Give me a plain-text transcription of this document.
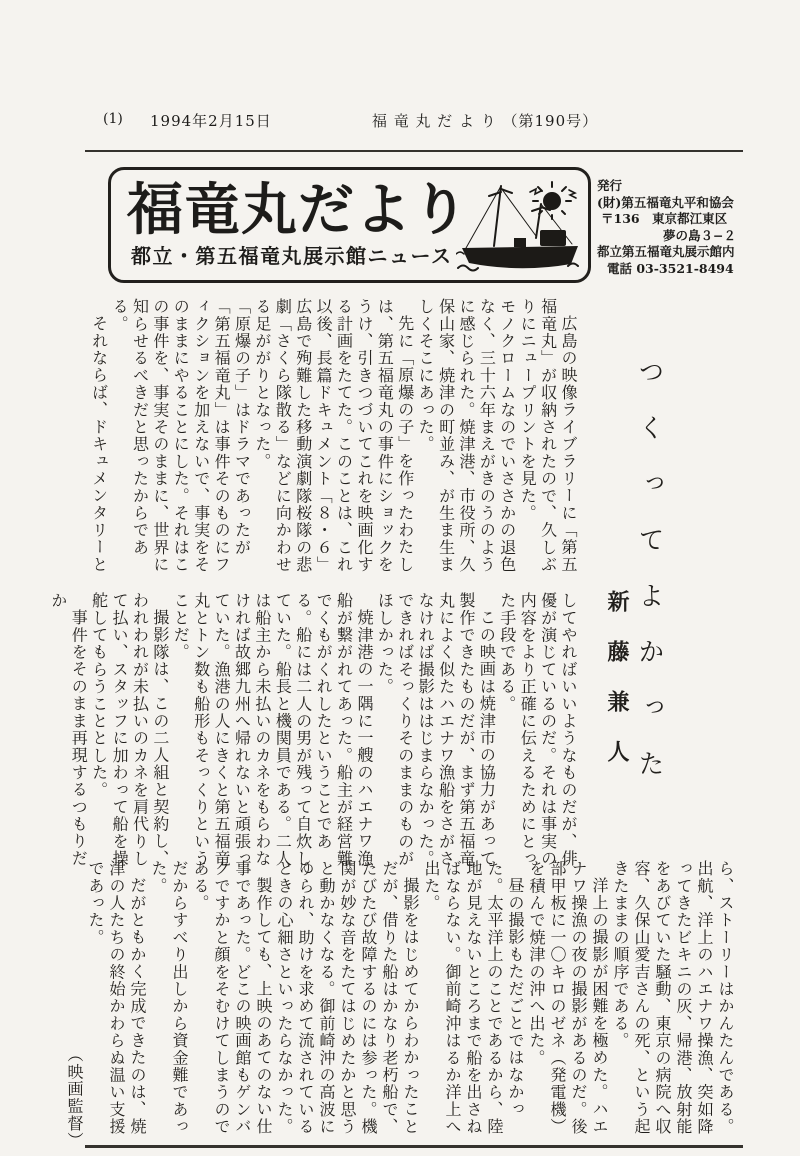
(1) 1994年2月15日	福 竜 丸 だ よ り （第190号）
福竜丸だより
都立・第五福竜丸展示館ニュース
発行
(財)第五福竜丸平和協会
〒136　東京都江東区
夢の島３−２
都立第五福竜丸展示館内
電話 03-3521-8494
つくってよかった
新藤兼人

広島の映像ライブラリーに「第五福竜丸」が収納されたので、久しぶりにニュープリントを見た。

モノクロームなのでいささかの退色なく、三十六年まえがきのうのように感じられた。焼津港、市役所、久保山家、焼津の町並み、が生ま生ましくそこにあった。

先に「原爆の子」を作ったわたしは、第五福竜丸の事件にショックをうけ、引きつづいてこれを映画化する計画をたてた。このことは、これ以後、長篇ドキュメント「８・６」広島で殉難した移動演劇隊桜隊の悲劇「さくら隊散る」などに向かわせる足ががりとなった。

「原爆の子」はドラマであったが「第五福竜丸」は事件そのものにフィクションを加えないで、事実をそのままにやることにした。それはこの事件を、事実そのままに、世界に知らせるべきだと思ったからである。

それならば、ドキュメンタリーと

してやればいいようなものだが、俳優が演じているのだ。それは事実の内容をより正確に伝えるためにとった手段である。

この映画は焼津市の協力があって製作できたものだが、まず第五福竜丸によく似たハエナワ漁船をさがさなければ撮影ははじまらなかった。できればそっくりそのままのものがほしかった。

焼津港の一隅に一艘のハエナワ漁船が繋がれてあった。船主が経営難でくもがくれしたということである。船には二人の男が残って自炊していた。船長と機関員である。二人は船主から未払いのカネをもらわなければ故郷九州へ帰れないと頑張っていた。漁港の人にきくと第五福竜丸とトン数も船形もそっくりということだ。

撮影隊は、この二人組と契約し、われわれが未払いのカネを肩代りして払い、スタッフに加わって船を操舵してもらうこととした。

事件をそのまま再現するつもりだか

ら、ストーリーはかんたんである。出航、洋上のハエナワ操漁、突如降ってきたビキニの灰、帰港、放射能をあびていた騒動、東京の病院へ収容、久保山愛吉さんの死、という起きたままの順序である。

洋上の撮影が困難を極めた。ハエナワ操漁の夜の撮影があるのだ。後部甲板に一〇キロのゼネ（発電機）を積んで焼津の沖へ出た。

昼の撮影もただごとではなかった。太平洋上のことであるから、陸地が見えないところまで船を出さねばならない。御前崎沖はるか洋上へ出た。

撮影をはじめてからわかったことだが、借りた船はかなり老朽船で、たびたび故障するのには参った。機関が妙な音をたてはじめたかと思うと動かなくなる。御前崎沖の高波にゆられ、助けを求めて流されているときの心細さといったらなかった。

製作しても、上映のあてのない仕事であった。どこの映画館もゲンバクですかと顔をそむけてしまうのである。

だからすべり出しから資金難であった。

だがともかく完成できたのは、焼津の人たちの終始かわらぬ温い支援であった。

（映画監督）
